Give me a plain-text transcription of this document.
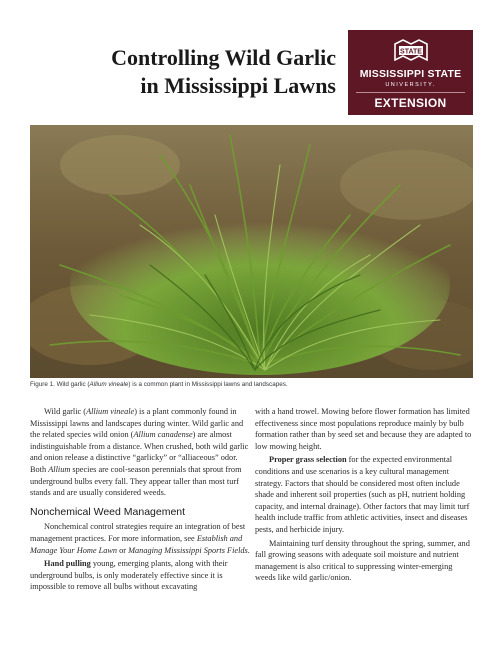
Controlling Wild Garlic
in Mississippi Lawns
STATE
MISSISSIPPI STATE
UNIVERSITY.
EXTENSION
Figure 1. Wild garlic (Allium vineale) is a common plant in Mississippi lawns and landscapes.

Wild garlic (Allium vineale) is a plant commonly found in Mississippi lawns and landscapes during winter. Wild garlic and the related species wild onion (Allium canadense) are almost indistinguishable from a distance. When crushed, both wild garlic and onion release a distinctive “garlicky” or “alliaceous” odor. Both Allium species are cool-season perennials that sprout from underground bulbs every fall. They appear taller than most turf stands and are usually considered weeds.

Nonchemical Weed Management

Nonchemical control strategies require an integration of best management practices. For more information, see Establish and Manage Your Home Lawn or Managing Mississippi Sports Fields.

Hand pulling young, emerging plants, along with their underground bulbs, is only moderately effective since it is impossible to remove all bulbs without excavating

with a hand trowel. Mowing before flower formation has limited effectiveness since most populations reproduce mainly by bulb formation rather than by seed set and because they are adapted to low mowing height.

Proper grass selection for the expected environmental conditions and use scenarios is a key cultural management strategy. Factors that should be considered most often include shade and inherent soil properties (such as pH, nutrient holding capacity, and internal drainage). Other factors that may limit turf health include traffic from athletic activities, insect and diseases pests, and herbicide injury.

Maintaining turf density throughout the spring, summer, and fall growing seasons with adequate soil moisture and nutrient management is also critical to suppressing winter-emerging weeds like wild garlic/onion.
